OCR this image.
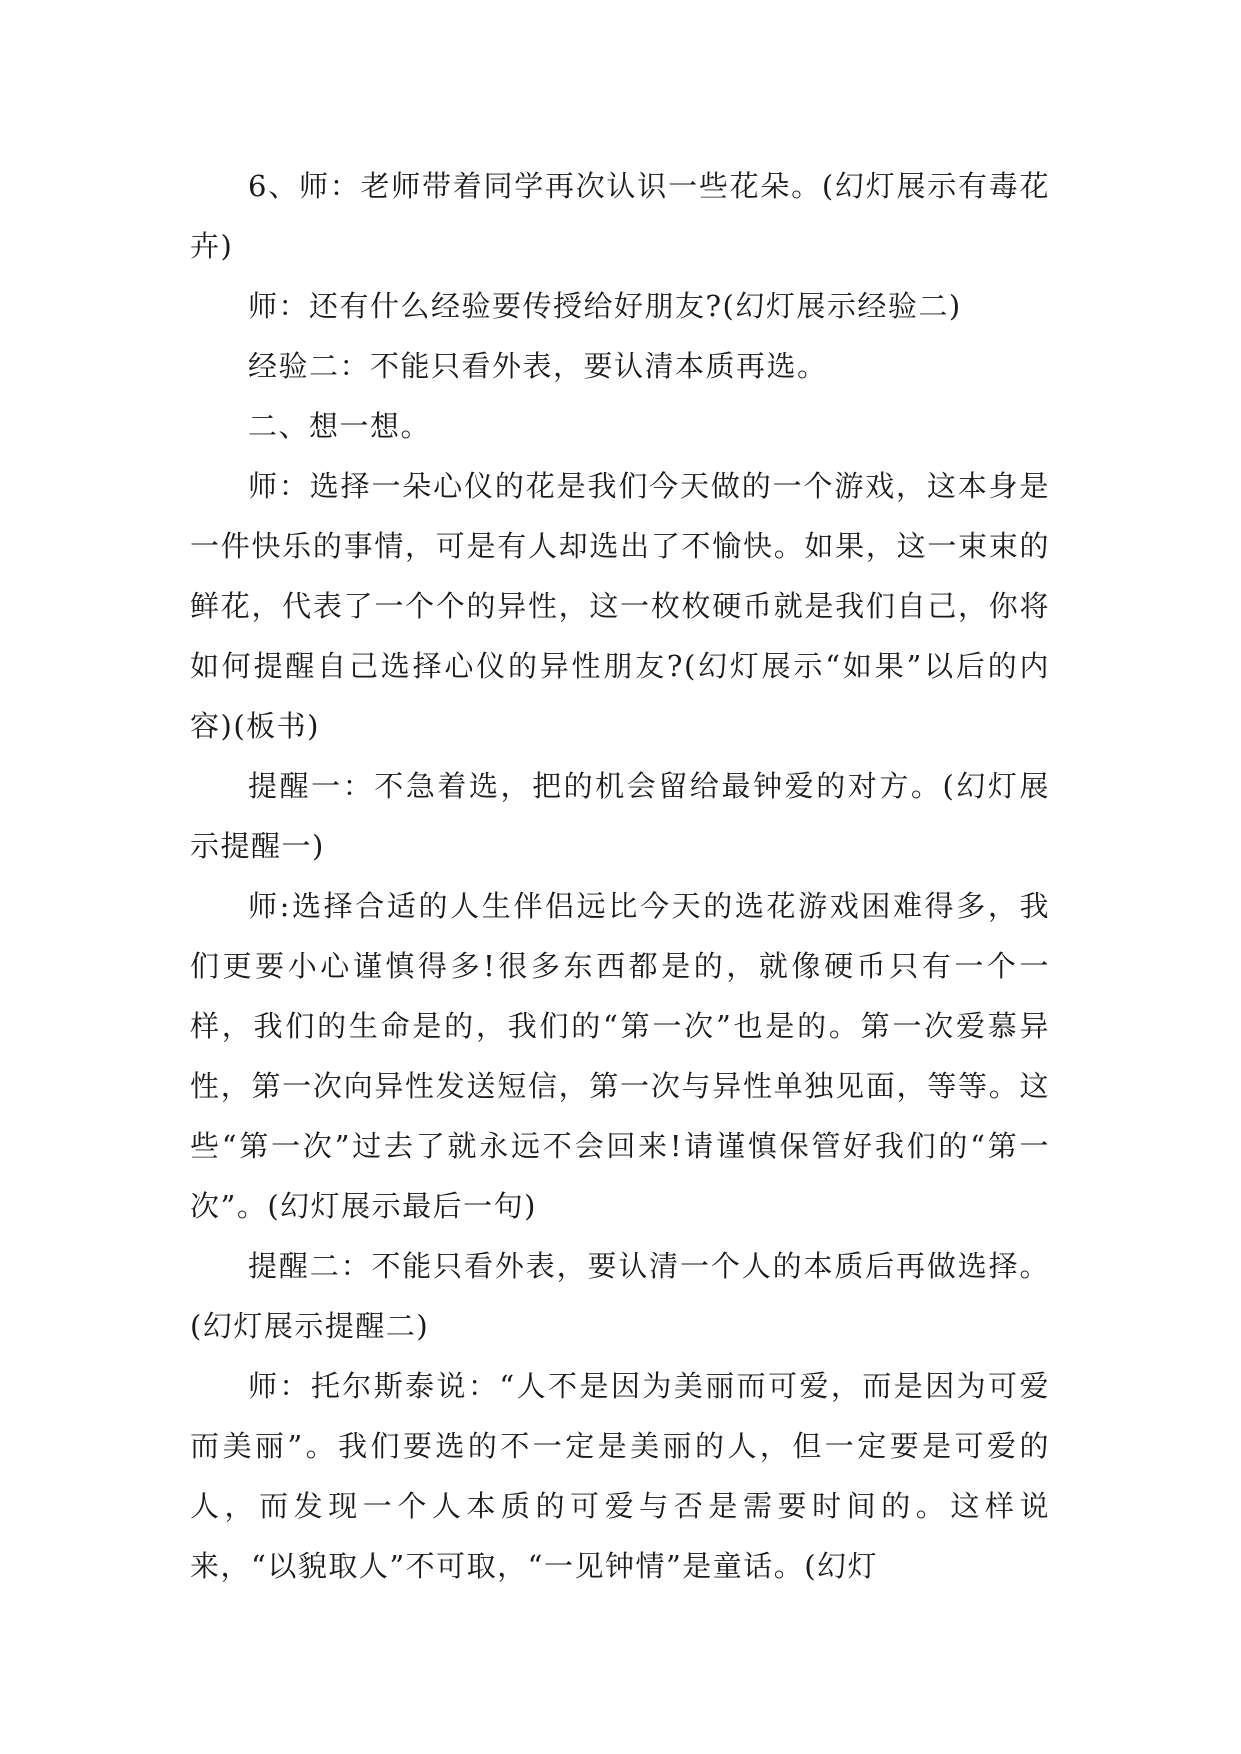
6、师：老师带着同学再次认识一些花朵。(幻灯展示有毒花卉)

师：还有什么经验要传授给好朋友?(幻灯展示经验二)

经验二：不能只看外表，要认清本质再选。

二、想一想。

师：选择一朵心仪的花是我们今天做的一个游戏，这本身是一件快乐的事情，可是有人却选出了不愉快。如果，这一束束的鲜花，代表了一个个的异性，这一枚枚硬币就是我们自己，你将如何提醒自己选择心仪的异性朋友?(幻灯展示“如果”以后的内容)(板书)

提醒一：不急着选，把的机会留给最钟爱的对方。(幻灯展示提醒一)

师:选择合适的人生伴侣远比今天的选花游戏困难得多，我们更要小心谨慎得多!很多东西都是的，就像硬币只有一个一样，我们的生命是的，我们的“第一次”也是的。第一次爱慕异性，第一次向异性发送短信，第一次与异性单独见面，等等。这些“第一次”过去了就永远不会回来!请谨慎保管好我们的“第一次”。(幻灯展示最后一句)

提醒二：不能只看外表，要认清一个人的本质后再做选择。(幻灯展示提醒二)

师：托尔斯泰说：“人不是因为美丽而可爱，而是因为可爱而美丽”。我们要选的不一定是美丽的人，但一定要是可爱的人，而发现一个人本质的可爱与否是需要时间的。这样说来，“以貌取人”不可取，“一见钟情”是童话。(幻灯
